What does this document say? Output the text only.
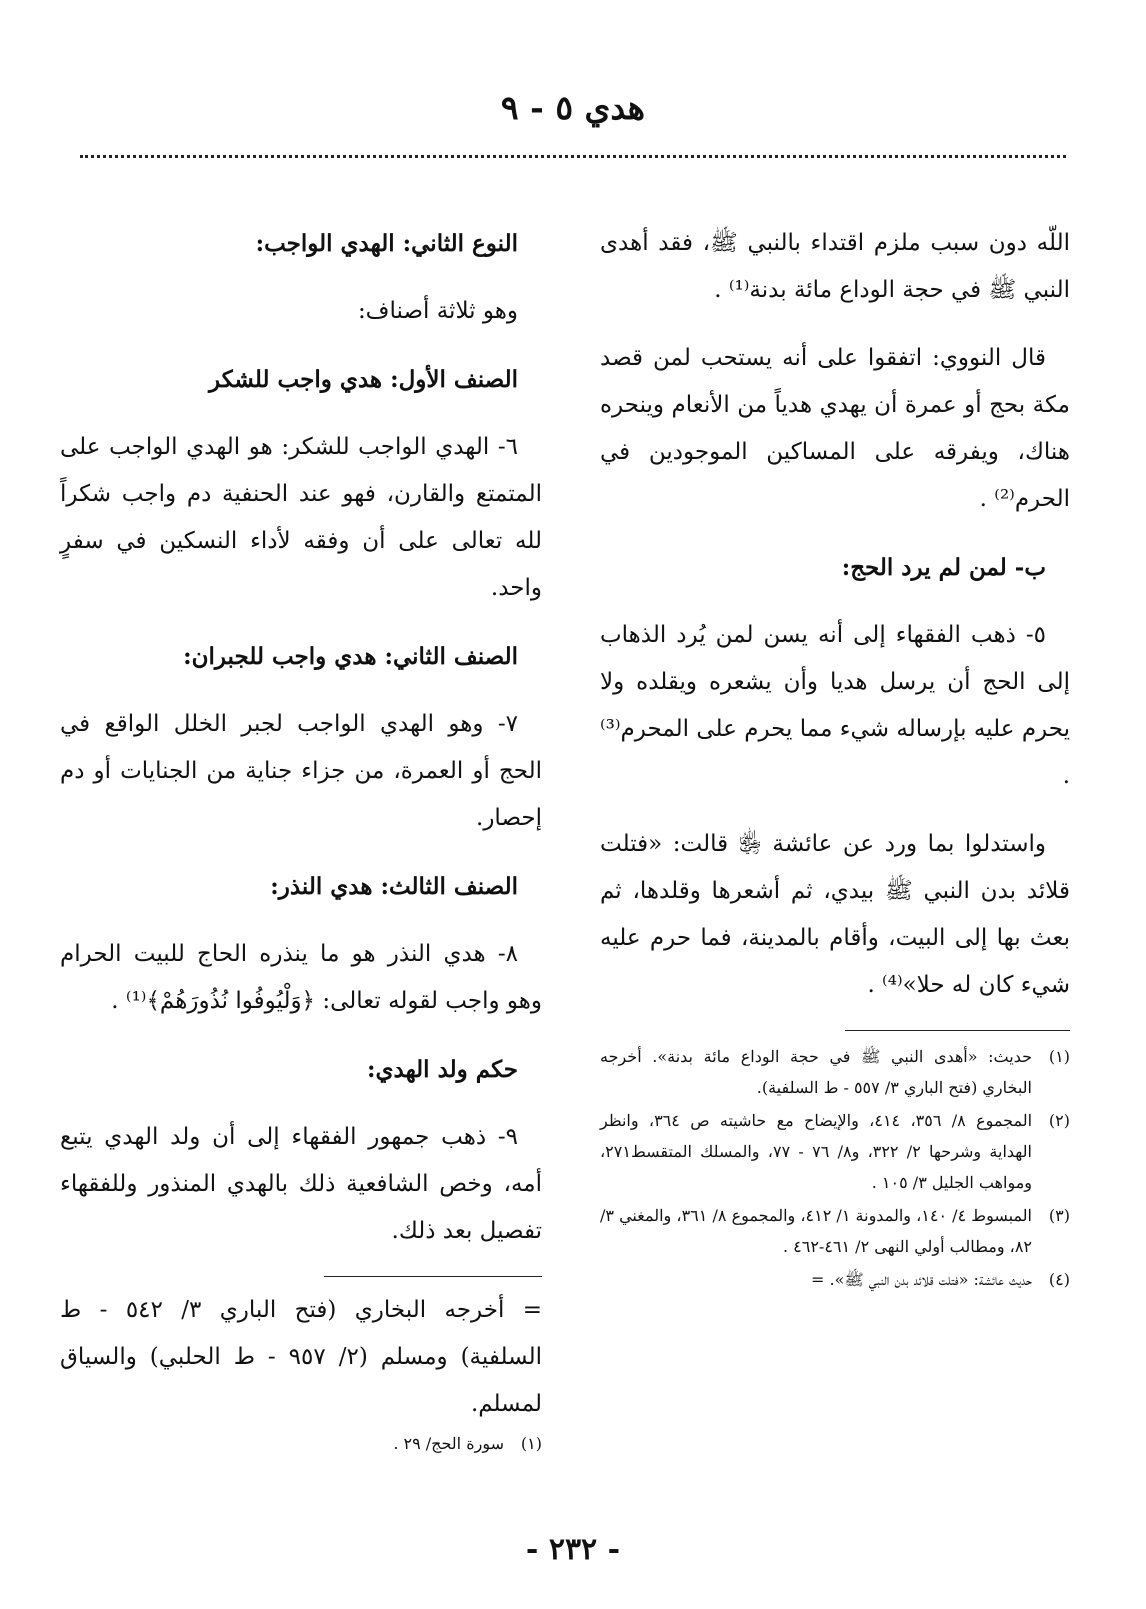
هدي ٥ - ٩

اللّه دون سبب ملزم اقتداء بالنبي ﷺ، فقد أهدى النبي ﷺ في حجة الوداع مائة بدنة⁽¹⁾ .

قال النووي: اتفقوا على أنه يستحب لمن قصد مكة بحج أو عمرة أن يهدي هدياً من الأنعام وينحره هناك، ويفرقه على المساكين الموجودين في الحرم⁽²⁾ .

ب- لمن لم يرد الحج:

٥- ذهب الفقهاء إلى أنه يسن لمن يُرد الذهاب إلى الحج أن يرسل هديا وأن يشعره ويقلده ولا يحرم عليه بإرساله شيء مما يحرم على المحرم⁽³⁾ .

واستدلوا بما ورد عن عائشة ﵂ قالت: «فتلت قلائد بدن النبي ﷺ بيدي، ثم أشعرها وقلدها، ثم بعث بها إلى البيت، وأقام بالمدينة، فما حرم عليه شيء كان له حلا»⁽⁴⁾ .

(١)
حديث: «أهدى النبي ﷺ في حجة الوداع مائة بدنة». أخرجه البخاري (فتح الباري ٣/ ٥٥٧ - ط السلفية).
(٢)
المجموع ٨/ ٣٥٦، ٤١٤، والإيضاح مع حاشيته ص ٣٦٤، وانظر الهداية وشرحها ٢/ ٣٢٢، و٨/ ٧٦ - ٧٧، والمسلك المتقسط٢٧١، ومواهب الجليل ٣/ ١٠٥ .
(٣)
المبسوط ٤/ ١٤٠، والمدونة ١/ ٤١٢، والمجموع ٨/ ٣٦١، والمغني ٣/ ٨٢، ومطالب أولي النهى ٢/ ٤٦١-٤٦٢ .
(٤)
حديث عائشة: «فتلت قلائد بدن النبي ﷺ». =

النوع الثاني: الهدي الواجب:

وهو ثلاثة أصناف:

الصنف الأول: هدي واجب للشكر

٦- الهدي الواجب للشكر: هو الهدي الواجب على المتمتع والقارن، فهو عند الحنفية دم واجب شكراً لله تعالى على أن وفقه لأداء النسكين في سفرٍ واحد.

الصنف الثاني: هدي واجب للجبران:

٧- وهو الهدي الواجب لجبر الخلل الواقع في الحج أو العمرة، من جزاء جناية من الجنايات أو دم إحصار.

الصنف الثالث: هدي النذر:

٨- هدي النذر هو ما ينذره الحاج للبيت الحرام وهو واجب لقوله تعالى: ﴿وَلْيُوفُوا نُذُورَهُمْ﴾⁽¹⁾ .

حكم ولد الهدي:

٩- ذهب جمهور الفقهاء إلى أن ولد الهدي يتبع أمه، وخص الشافعية ذلك بالهدي المنذور وللفقهاء تفصيل بعد ذلك.

= أخرجه البخاري (فتح الباري ٣/ ٥٤٢ - ط السلفية) ومسلم (٢/ ٩٥٧ - ط الحلبي) والسياق لمسلم.

(١)
سورة الحج/ ٢٩ .
- ٢٣٢ -
